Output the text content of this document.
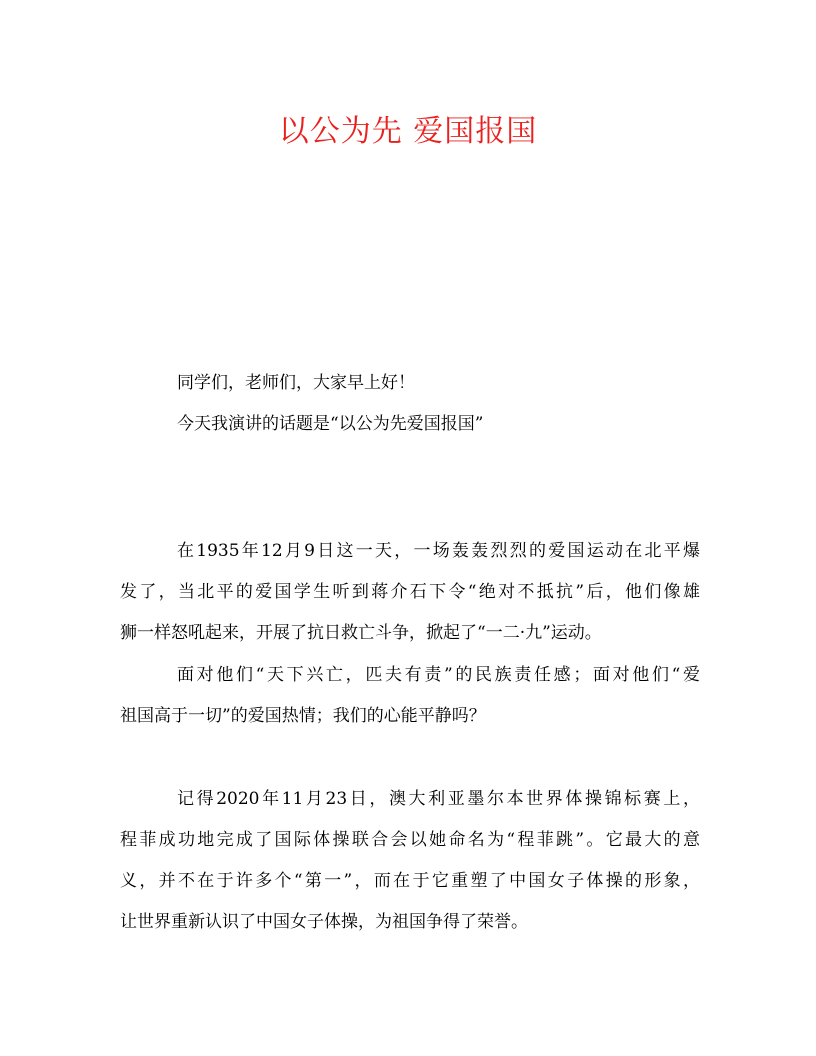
以公为先 爱国报国
同学们，老师们，大家早上好！
今天我演讲的话题是“以公为先爱国报国”
在1935年12月9日这一天，一场轰轰烈烈的爱国运动在北平爆
发了，当北平的爱国学生听到蒋介石下令“绝对不抵抗”后，他们像雄
狮一样怒吼起来，开展了抗日救亡斗争，掀起了“一二·九”运动。
面对他们“天下兴亡，匹夫有责”的民族责任感；面对他们“爱
祖国高于一切”的爱国热情；我们的心能平静吗？
记得2020年11月23日，澳大利亚墨尔本世界体操锦标赛上，
程菲成功地完成了国际体操联合会以她命名为“程菲跳”。它最大的意
义，并不在于许多个“第一”，而在于它重塑了中国女子体操的形象，
让世界重新认识了中国女子体操，为祖国争得了荣誉。
